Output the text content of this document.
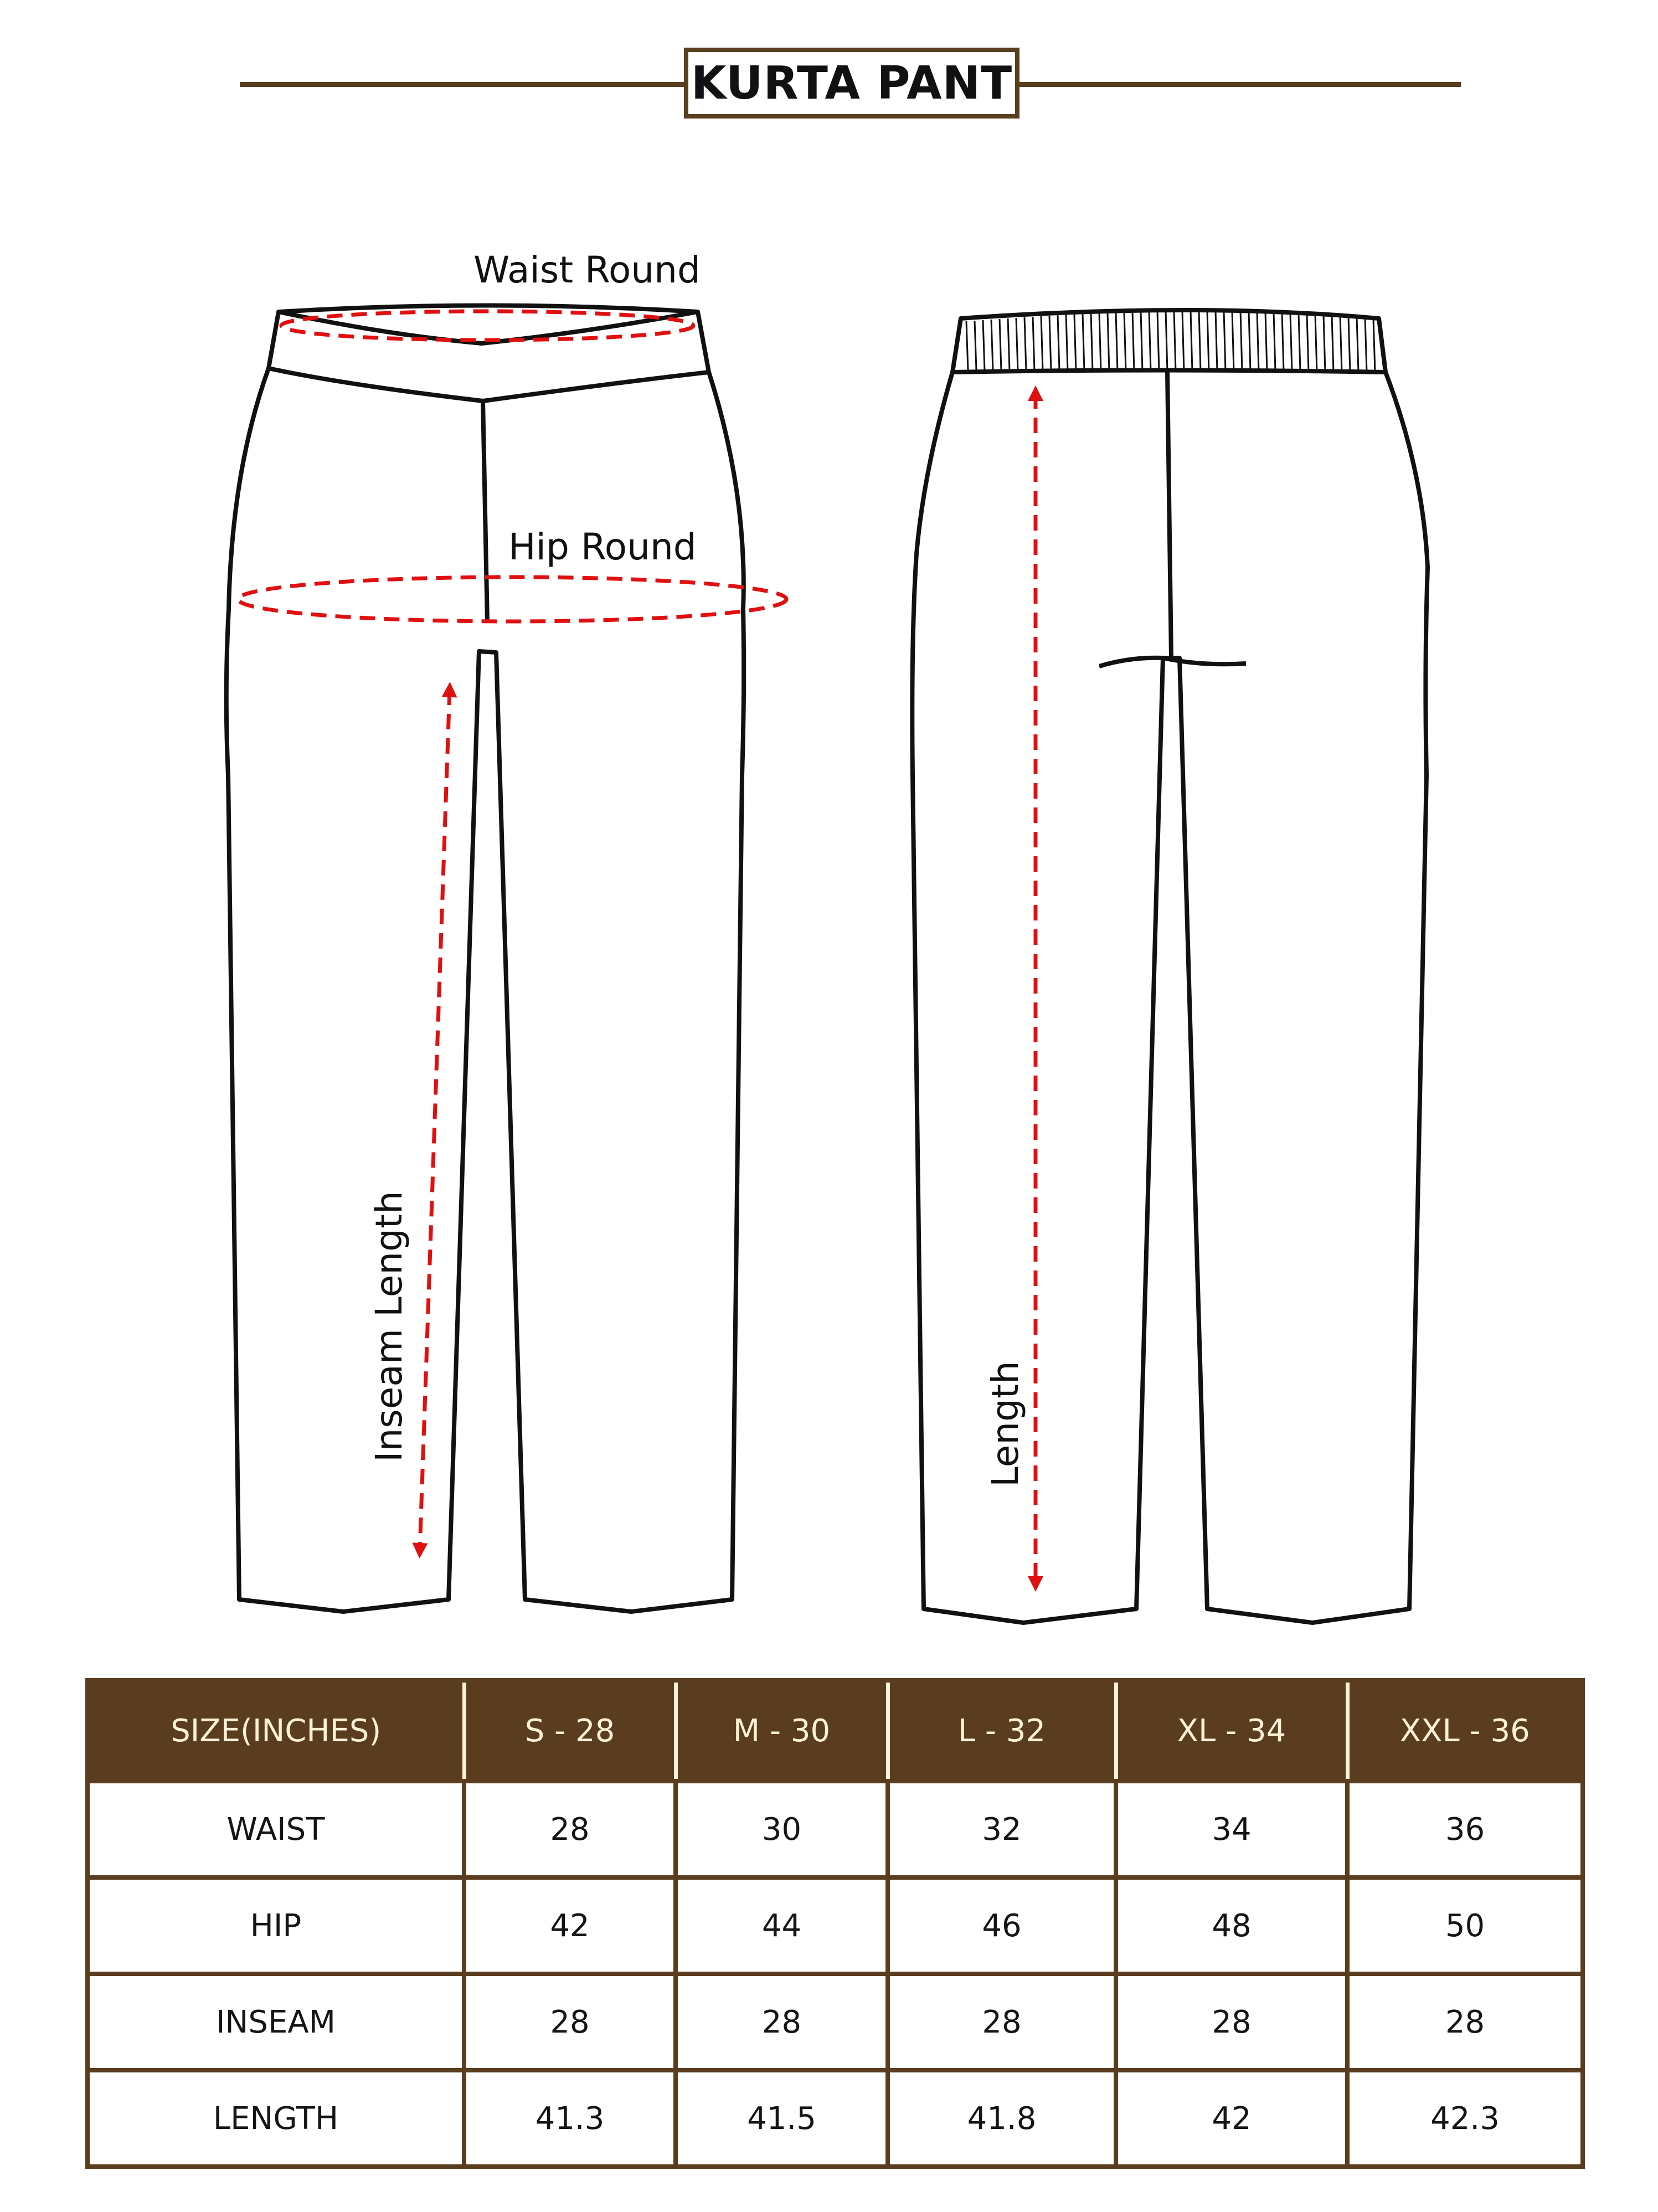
KURTA PANT
Waist Round
Hip Round
Inseam Length	Length
SIZE(INCHES)	S - 28	M - 30	L - 32	XL - 34	XXL - 36
WAIST	28	30	32	34	36
HIP	42	44	46	48	50
INSEAM	28	28	28	28	28
LENGTH	41.3	41.5	41.8	42	42.3
